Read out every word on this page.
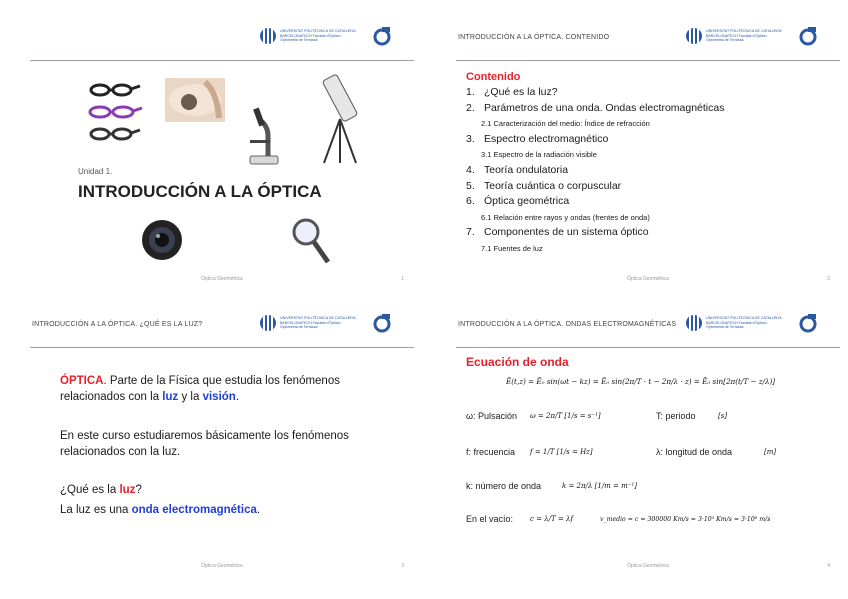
UNIVERSITAT POLITÈCNICA DE CATALUNYA BARCELONATECH Facultat d'Òptica i Optometria de Terrassa
Unidad 1.
INTRODUCCIÓN A LA ÓPTICA
Óptica Geométrica	1
INTRODUCCIÓN A LA ÓPTICA. CONTENIDO
UNIVERSITAT POLITÈCNICA DE CATALUNYA BARCELONATECH Facultat d'Òptica i Optometria de Terrassa
Contenido
1. ¿Qué es la luz?
2. Parámetros de una onda. Ondas electromagnéticas
2.1 Caracterización del medio: Índice de refracción
3. Espectro electromagnético
3.1 Espectro de la radiación visible
4. Teoría ondulatoria
5. Teoría cuántica o corpuscular
6. Óptica geométrica
6.1 Relación entre rayos y ondas (frentes de onda)
7. Componentes de un sistema óptico
7.1 Fuentes de luz
Óptica Geométrica	2
INTRODUCCIÓN A LA ÓPTICA. ¿QUÉ ES LA LUZ?
UNIVERSITAT POLITÈCNICA DE CATALUNYA BARCELONATECH Facultat d'Òptica i Optometria de Terrassa
ÓPTICA. Parte de la Física que estudia los fenómenos relacionados con la luz y la visión.
En este curso estudiaremos básicamente los fenómenos relacionados con la luz.
¿Qué es la luz?
La luz es una onda electromagnética.
Óptica Geométrica	3
INTRODUCCIÓN A LA ÓPTICA. ONDAS ELECTROMAGNÉTICAS
UNIVERSITAT POLITÈCNICA DE CATALUNYA BARCELONATECH Facultat d'Òptica i Optometria de Terrassa
Ecuación de onda
Ē(t,z) = Ē₀ sin(ωt − kz) = Ē₀ sin(2π/T · t − 2π/λ · z) = Ē₀ sin[2π(t/T − z/λ)]
ω: Pulsación ω = 2π/T [1/s = s⁻¹]	T: periodo	[s]
f: frecuencia f = 1/T [1/s = Hz]	λ: longitud de onda	[m]
k: número de onda	k = 2π/λ [1/m = m⁻¹]
En el vacío: c = λ/T = λf	v_medio = c = 300000 Km/s = 3·10⁵ Km/s = 3·10⁸ m/s
Óptica Geométrica	4
